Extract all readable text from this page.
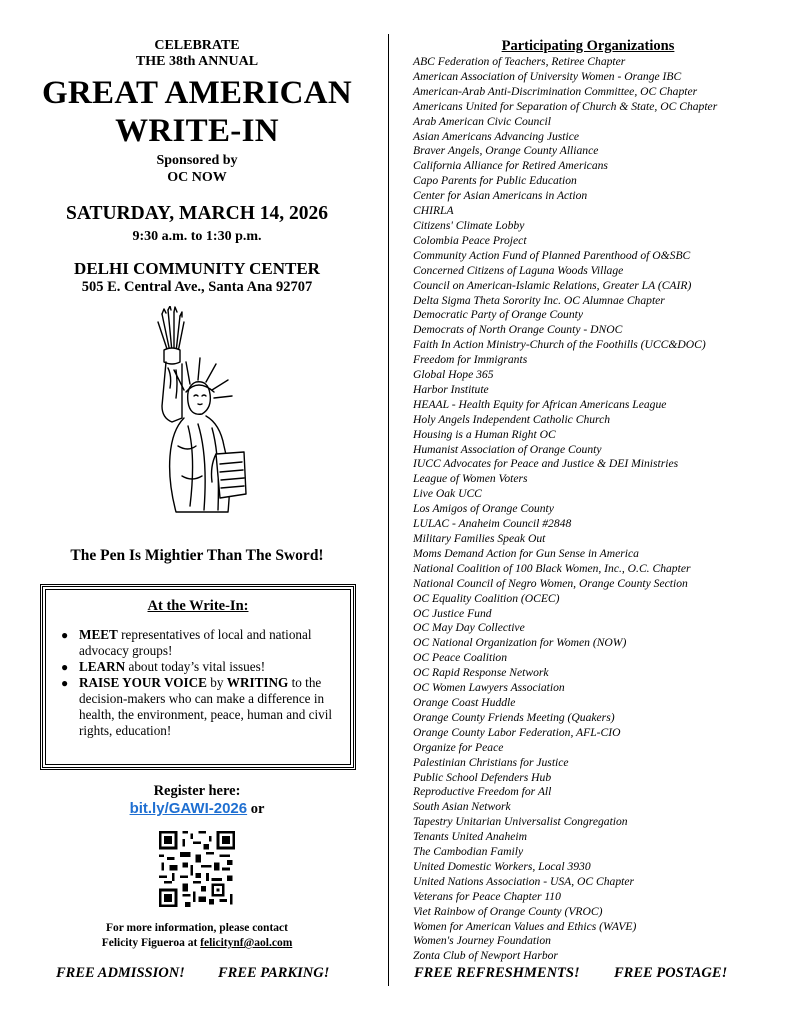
CELEBRATE
THE 38th ANNUAL
GREAT AMERICAN
WRITE-IN
Sponsored by
OC NOW
SATURDAY, MARCH 14, 2026
9:30 a.m. to 1:30 p.m.
DELHI COMMUNITY CENTER
505 E. Central Ave., Santa Ana 92707
The Pen Is Mightier Than The Sword!
At the Write-In:
● MEET representatives of local and national advocacy groups!
● LEARN about today’s vital issues!
● RAISE YOUR VOICE by WRITING to the decision-makers who can make a difference in health, the environment, peace, human and civil rights, education!
Register here:
bit.ly/GAWI-2026 or
For more information, please contact
Felicity Figueroa at felicitynf@aol.com
FREE ADMISSION! FREE PARKING!
Participating Organizations
ABC Federation of Teachers, Retiree Chapter
American Association of University Women - Orange IBC
American-Arab Anti-Discrimination Committee, OC Chapter
Americans United for Separation of Church & State, OC Chapter
Arab American Civic Council
Asian Americans Advancing Justice
Braver Angels, Orange County Alliance
California Alliance for Retired Americans
Capo Parents for Public Education
Center for Asian Americans in Action
CHIRLA
Citizens' Climate Lobby
Colombia Peace Project
Community Action Fund of Planned Parenthood of O&SBC
Concerned Citizens of Laguna Woods Village
Council on American-Islamic Relations, Greater LA (CAIR)
Delta Sigma Theta Sorority Inc. OC Alumnae Chapter
Democratic Party of Orange County
Democrats of North Orange County - DNOC
Faith In Action Ministry-Church of the Foothills (UCC&DOC)
Freedom for Immigrants
Global Hope 365
Harbor Institute
HEAAL - Health Equity for African Americans League
Holy Angels Independent Catholic Church
Housing is a Human Right OC
Humanist Association of Orange County
IUCC Advocates for Peace and Justice & DEI Ministries
League of Women Voters
Live Oak UCC
Los Amigos of Orange County
LULAC - Anaheim Council #2848
Military Families Speak Out
Moms Demand Action for Gun Sense in America
National Coalition of 100 Black Women, Inc., O.C. Chapter
National Council of Negro Women, Orange County Section
OC Equality Coalition (OCEC)
OC Justice Fund
OC May Day Collective
OC National Organization for Women (NOW)
OC Peace Coalition
OC Rapid Response Network
OC Women Lawyers Association
Orange Coast Huddle
Orange County Friends Meeting (Quakers)
Orange County Labor Federation, AFL-CIO
Organize for Peace
Palestinian Christians for Justice
Public School Defenders Hub
Reproductive Freedom for All
South Asian Network
Tapestry Unitarian Universalist Congregation
Tenants United Anaheim
The Cambodian Family
United Domestic Workers, Local 3930
United Nations Association - USA, OC Chapter
Veterans for Peace Chapter 110
Viet Rainbow of Orange County (VROC)
Women for American Values and Ethics (WAVE)
Women's Journey Foundation
Zonta Club of Newport Harbor
FREE REFRESHMENTS! FREE POSTAGE!
